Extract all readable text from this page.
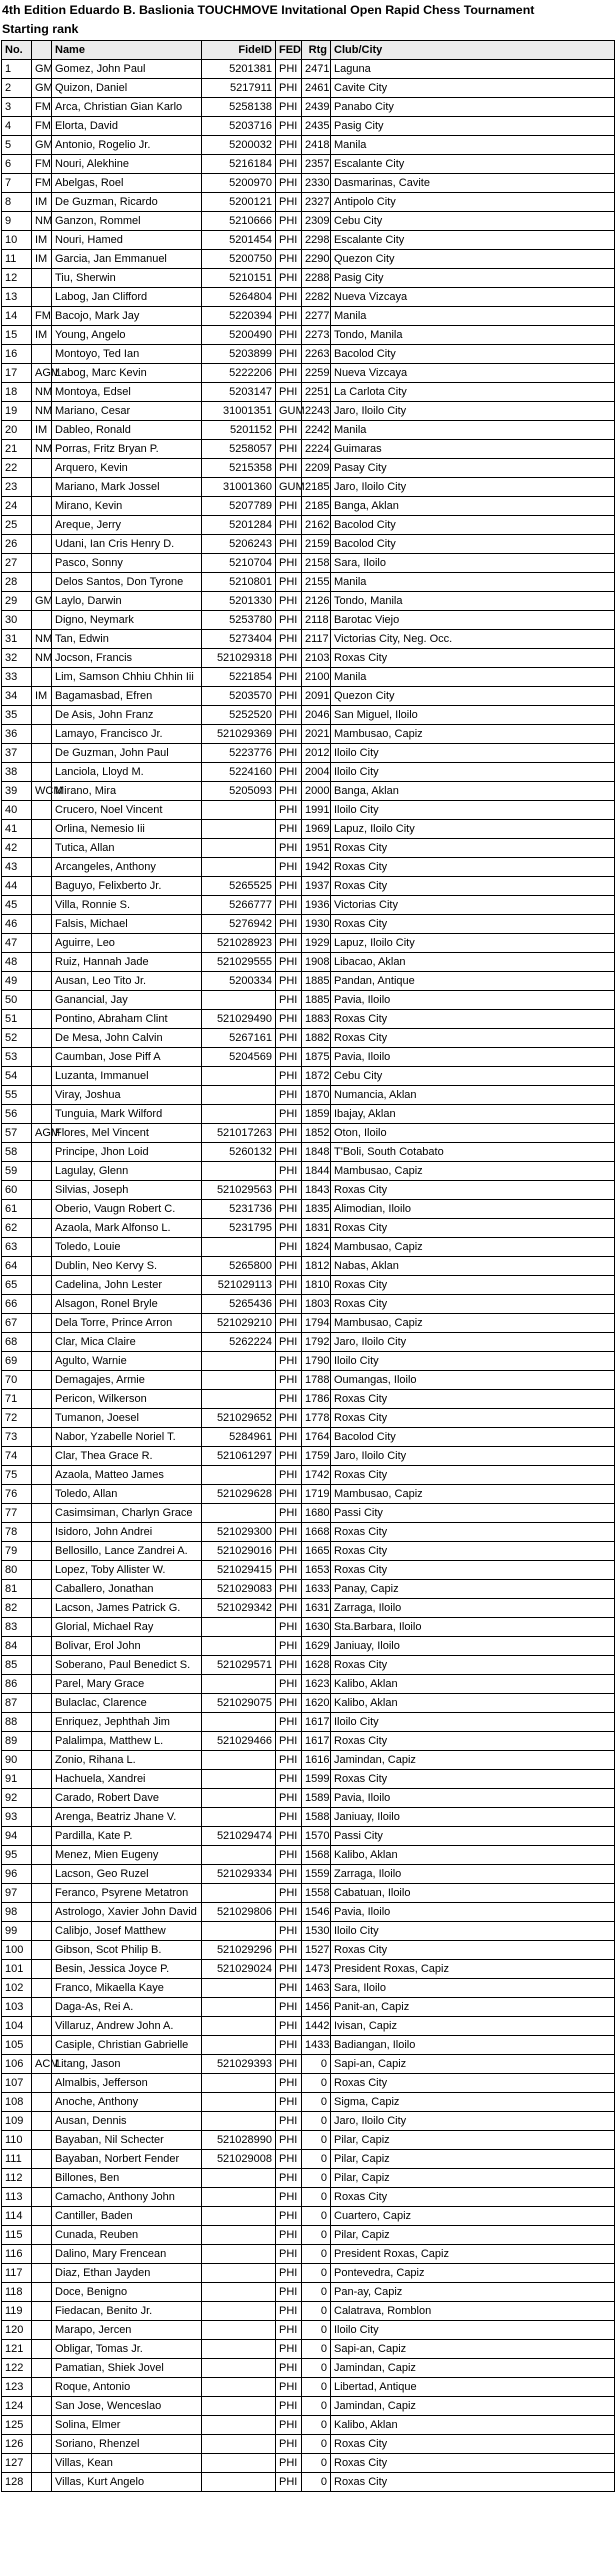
4th Edition Eduardo B. Baslionia TOUCHMOVE Invitational Open Rapid Chess Tournament
Starting rank
No.		Name	FideID	FED	Rtg	Club/City
1	GM	Gomez, John Paul	5201381	PHI	2471	Laguna
2	GM	Quizon, Daniel	5217911	PHI	2461	Cavite City
3	FM	Arca, Christian Gian Karlo	5258138	PHI	2439	Panabo City
4	FM	Elorta, David	5203716	PHI	2435	Pasig City
5	GM	Antonio, Rogelio Jr.	5200032	PHI	2418	Manila
6	FM	Nouri, Alekhine	5216184	PHI	2357	Escalante City
7	FM	Abelgas, Roel	5200970	PHI	2330	Dasmarinas, Cavite
8	IM	De Guzman, Ricardo	5200121	PHI	2327	Antipolo City
9	NM	Ganzon, Rommel	5210666	PHI	2309	Cebu City
10	IM	Nouri, Hamed	5201454	PHI	2298	Escalante City
11	IM	Garcia, Jan Emmanuel	5200750	PHI	2290	Quezon City
12		Tiu, Sherwin	5210151	PHI	2288	Pasig City
13		Labog, Jan Clifford	5264804	PHI	2282	Nueva Vizcaya
14	FM	Bacojo, Mark Jay	5220394	PHI	2277	Manila
15	IM	Young, Angelo	5200490	PHI	2273	Tondo, Manila
16		Montoyo, Ted Ian	5203899	PHI	2263	Bacolod City
17	AGM	Labog, Marc Kevin	5222206	PHI	2259	Nueva Vizcaya
18	NM	Montoya, Edsel	5203147	PHI	2251	La Carlota City
19	NM	Mariano, Cesar	31001351	GUM	2243	Jaro, Iloilo City
20	IM	Dableo, Ronald	5201152	PHI	2242	Manila
21	NM	Porras, Fritz Bryan P.	5258057	PHI	2224	Guimaras
22		Arquero, Kevin	5215358	PHI	2209	Pasay City
23		Mariano, Mark Jossel	31001360	GUM	2185	Jaro, Iloilo City
24		Mirano, Kevin	5207789	PHI	2185	Banga, Aklan
25		Areque, Jerry	5201284	PHI	2162	Bacolod City
26		Udani, Ian Cris Henry D.	5206243	PHI	2159	Bacolod City
27		Pasco, Sonny	5210704	PHI	2158	Sara, Iloilo
28		Delos Santos, Don Tyrone	5210801	PHI	2155	Manila
29	GM	Laylo, Darwin	5201330	PHI	2126	Tondo, Manila
30		Digno, Neymark	5253780	PHI	2118	Barotac Viejo
31	NM	Tan, Edwin	5273404	PHI	2117	Victorias City, Neg. Occ.
32	NM	Jocson, Francis	521029318	PHI	2103	Roxas City
33		Lim, Samson Chhiu Chhin Iii	5221854	PHI	2100	Manila
34	IM	Bagamasbad, Efren	5203570	PHI	2091	Quezon City
35		De Asis, John Franz	5252520	PHI	2046	San Miguel, Iloilo
36		Lamayo, Francisco Jr.	521029369	PHI	2021	Mambusao, Capiz
37		De Guzman, John Paul	5223776	PHI	2012	Iloilo City
38		Lanciola, Lloyd M.	5224160	PHI	2004	Iloilo City
39	WCM	Mirano, Mira	5205093	PHI	2000	Banga, Aklan
40		Crucero, Noel Vincent		PHI	1991	Iloilo City
41		Orlina, Nemesio Iii		PHI	1969	Lapuz, Iloilo City
42		Tutica, Allan		PHI	1951	Roxas City
43		Arcangeles, Anthony		PHI	1942	Roxas City
44		Baguyo, Felixberto Jr.	5265525	PHI	1937	Roxas City
45		Villa, Ronnie S.	5266777	PHI	1936	Victorias City
46		Falsis, Michael	5276942	PHI	1930	Roxas City
47		Aguirre, Leo	521028923	PHI	1929	Lapuz, Iloilo City
48		Ruiz, Hannah Jade	521029555	PHI	1908	Libacao, Aklan
49		Ausan, Leo Tito Jr.	5200334	PHI	1885	Pandan, Antique
50		Ganancial, Jay		PHI	1885	Pavia, Iloilo
51		Pontino, Abraham Clint	521029490	PHI	1883	Roxas City
52		De Mesa, John Calvin	5267161	PHI	1882	Roxas City
53		Caumban, Jose Piff A	5204569	PHI	1875	Pavia, Iloilo
54		Luzanta, Immanuel		PHI	1872	Cebu City
55		Viray, Joshua		PHI	1870	Numancia, Aklan
56		Tunguia, Mark Wilford		PHI	1859	Ibajay, Aklan
57	AGM	Flores, Mel Vincent	521017263	PHI	1852	Oton, Iloilo
58		Principe, Jhon Loid	5260132	PHI	1848	T'Boli, South Cotabato
59		Lagulay, Glenn		PHI	1844	Mambusao, Capiz
60		Silvias, Joseph	521029563	PHI	1843	Roxas City
61		Oberio, Vaugn Robert C.	5231736	PHI	1835	Alimodian, Iloilo
62		Azaola, Mark Alfonso L.	5231795	PHI	1831	Roxas City
63		Toledo, Louie		PHI	1824	Mambusao, Capiz
64		Dublin, Neo Kervy S.	5265800	PHI	1812	Nabas, Aklan
65		Cadelina, John Lester	521029113	PHI	1810	Roxas City
66		Alsagon, Ronel Bryle	5265436	PHI	1803	Roxas City
67		Dela Torre, Prince Arron	521029210	PHI	1794	Mambusao, Capiz
68		Clar, Mica Claire	5262224	PHI	1792	Jaro, Iloilo City
69		Agulto, Warnie		PHI	1790	Iloilo City
70		Demagajes, Armie		PHI	1788	Oumangas, Iloilo
71		Pericon, Wilkerson		PHI	1786	Roxas City
72		Tumanon, Joesel	521029652	PHI	1778	Roxas City
73		Nabor, Yzabelle Noriel T.	5284961	PHI	1764	Bacolod City
74		Clar, Thea Grace R.	521061297	PHI	1759	Jaro, Iloilo City
75		Azaola, Matteo James		PHI	1742	Roxas City
76		Toledo, Allan	521029628	PHI	1719	Mambusao, Capiz
77		Casimsiman, Charlyn Grace		PHI	1680	Passi City
78		Isidoro, John Andrei	521029300	PHI	1668	Roxas City
79		Bellosillo, Lance Zandrei A.	521029016	PHI	1665	Roxas City
80		Lopez, Toby Allister W.	521029415	PHI	1653	Roxas City
81		Caballero, Jonathan	521029083	PHI	1633	Panay, Capiz
82		Lacson, James Patrick G.	521029342	PHI	1631	Zarraga, Iloilo
83		Glorial, Michael Ray		PHI	1630	Sta.Barbara, Iloilo
84		Bolivar, Erol John		PHI	1629	Janiuay, Iloilo
85		Soberano, Paul Benedict S.	521029571	PHI	1628	Roxas City
86		Parel, Mary Grace		PHI	1623	Kalibo, Aklan
87		Bulaclac, Clarence	521029075	PHI	1620	Kalibo, Aklan
88		Enriquez, Jephthah Jim		PHI	1617	Iloilo City
89		Palalimpa, Matthew L.	521029466	PHI	1617	Roxas City
90		Zonio, Rihana L.		PHI	1616	Jamindan, Capiz
91		Hachuela, Xandrei		PHI	1599	Roxas City
92		Carado, Robert Dave		PHI	1589	Pavia, Iloilo
93		Arenga, Beatriz Jhane V.		PHI	1588	Janiuay, Iloilo
94		Pardilla, Kate P.	521029474	PHI	1570	Passi City
95		Menez, Mien Eugeny		PHI	1568	Kalibo, Aklan
96		Lacson, Geo Ruzel	521029334	PHI	1559	Zarraga, Iloilo
97		Feranco, Psyrene Metatron		PHI	1558	Cabatuan, Iloilo
98		Astrologo, Xavier John David	521029806	PHI	1546	Pavia, Iloilo
99		Calibjo, Josef Matthew		PHI	1530	Iloilo City
100		Gibson, Scot Philip B.	521029296	PHI	1527	Roxas City
101		Besin, Jessica Joyce P.	521029024	PHI	1473	President Roxas, Capiz
102		Franco, Mikaella Kaye		PHI	1463	Sara, Iloilo
103		Daga-As, Rei A.		PHI	1456	Panit-an, Capiz
104		Villaruz, Andrew John A.		PHI	1442	Ivisan, Capiz
105		Casiple, Christian Gabrielle		PHI	1433	Badiangan, Iloilo
106	ACM	Litang, Jason	521029393	PHI	0	Sapi-an, Capiz
107		Almalbis, Jefferson		PHI	0	Roxas City
108		Anoche, Anthony		PHI	0	Sigma, Capiz
109		Ausan, Dennis		PHI	0	Jaro, Iloilo City
110		Bayaban, Nil Schecter	521028990	PHI	0	Pilar, Capiz
111		Bayaban, Norbert Fender	521029008	PHI	0	Pilar, Capiz
112		Billones, Ben		PHI	0	Pilar, Capiz
113		Camacho, Anthony John		PHI	0	Roxas City
114		Cantiller, Baden		PHI	0	Cuartero, Capiz
115		Cunada, Reuben		PHI	0	Pilar, Capiz
116		Dalino, Mary Frencean		PHI	0	President Roxas, Capiz
117		Diaz, Ethan Jayden		PHI	0	Pontevedra, Capiz
118		Doce, Benigno		PHI	0	Pan-ay, Capiz
119		Fiedacan, Benito Jr.		PHI	0	Calatrava, Romblon
120		Marapo, Jercen		PHI	0	Iloilo City
121		Obligar, Tomas Jr.		PHI	0	Sapi-an, Capiz
122		Pamatian, Shiek Jovel		PHI	0	Jamindan, Capiz
123		Roque, Antonio		PHI	0	Libertad, Antique
124		San Jose, Wenceslao		PHI	0	Jamindan, Capiz
125		Solina, Elmer		PHI	0	Kalibo, Aklan
126		Soriano, Rhenzel		PHI	0	Roxas City
127		Villas, Kean		PHI	0	Roxas City
128		Villas, Kurt Angelo		PHI	0	Roxas City
